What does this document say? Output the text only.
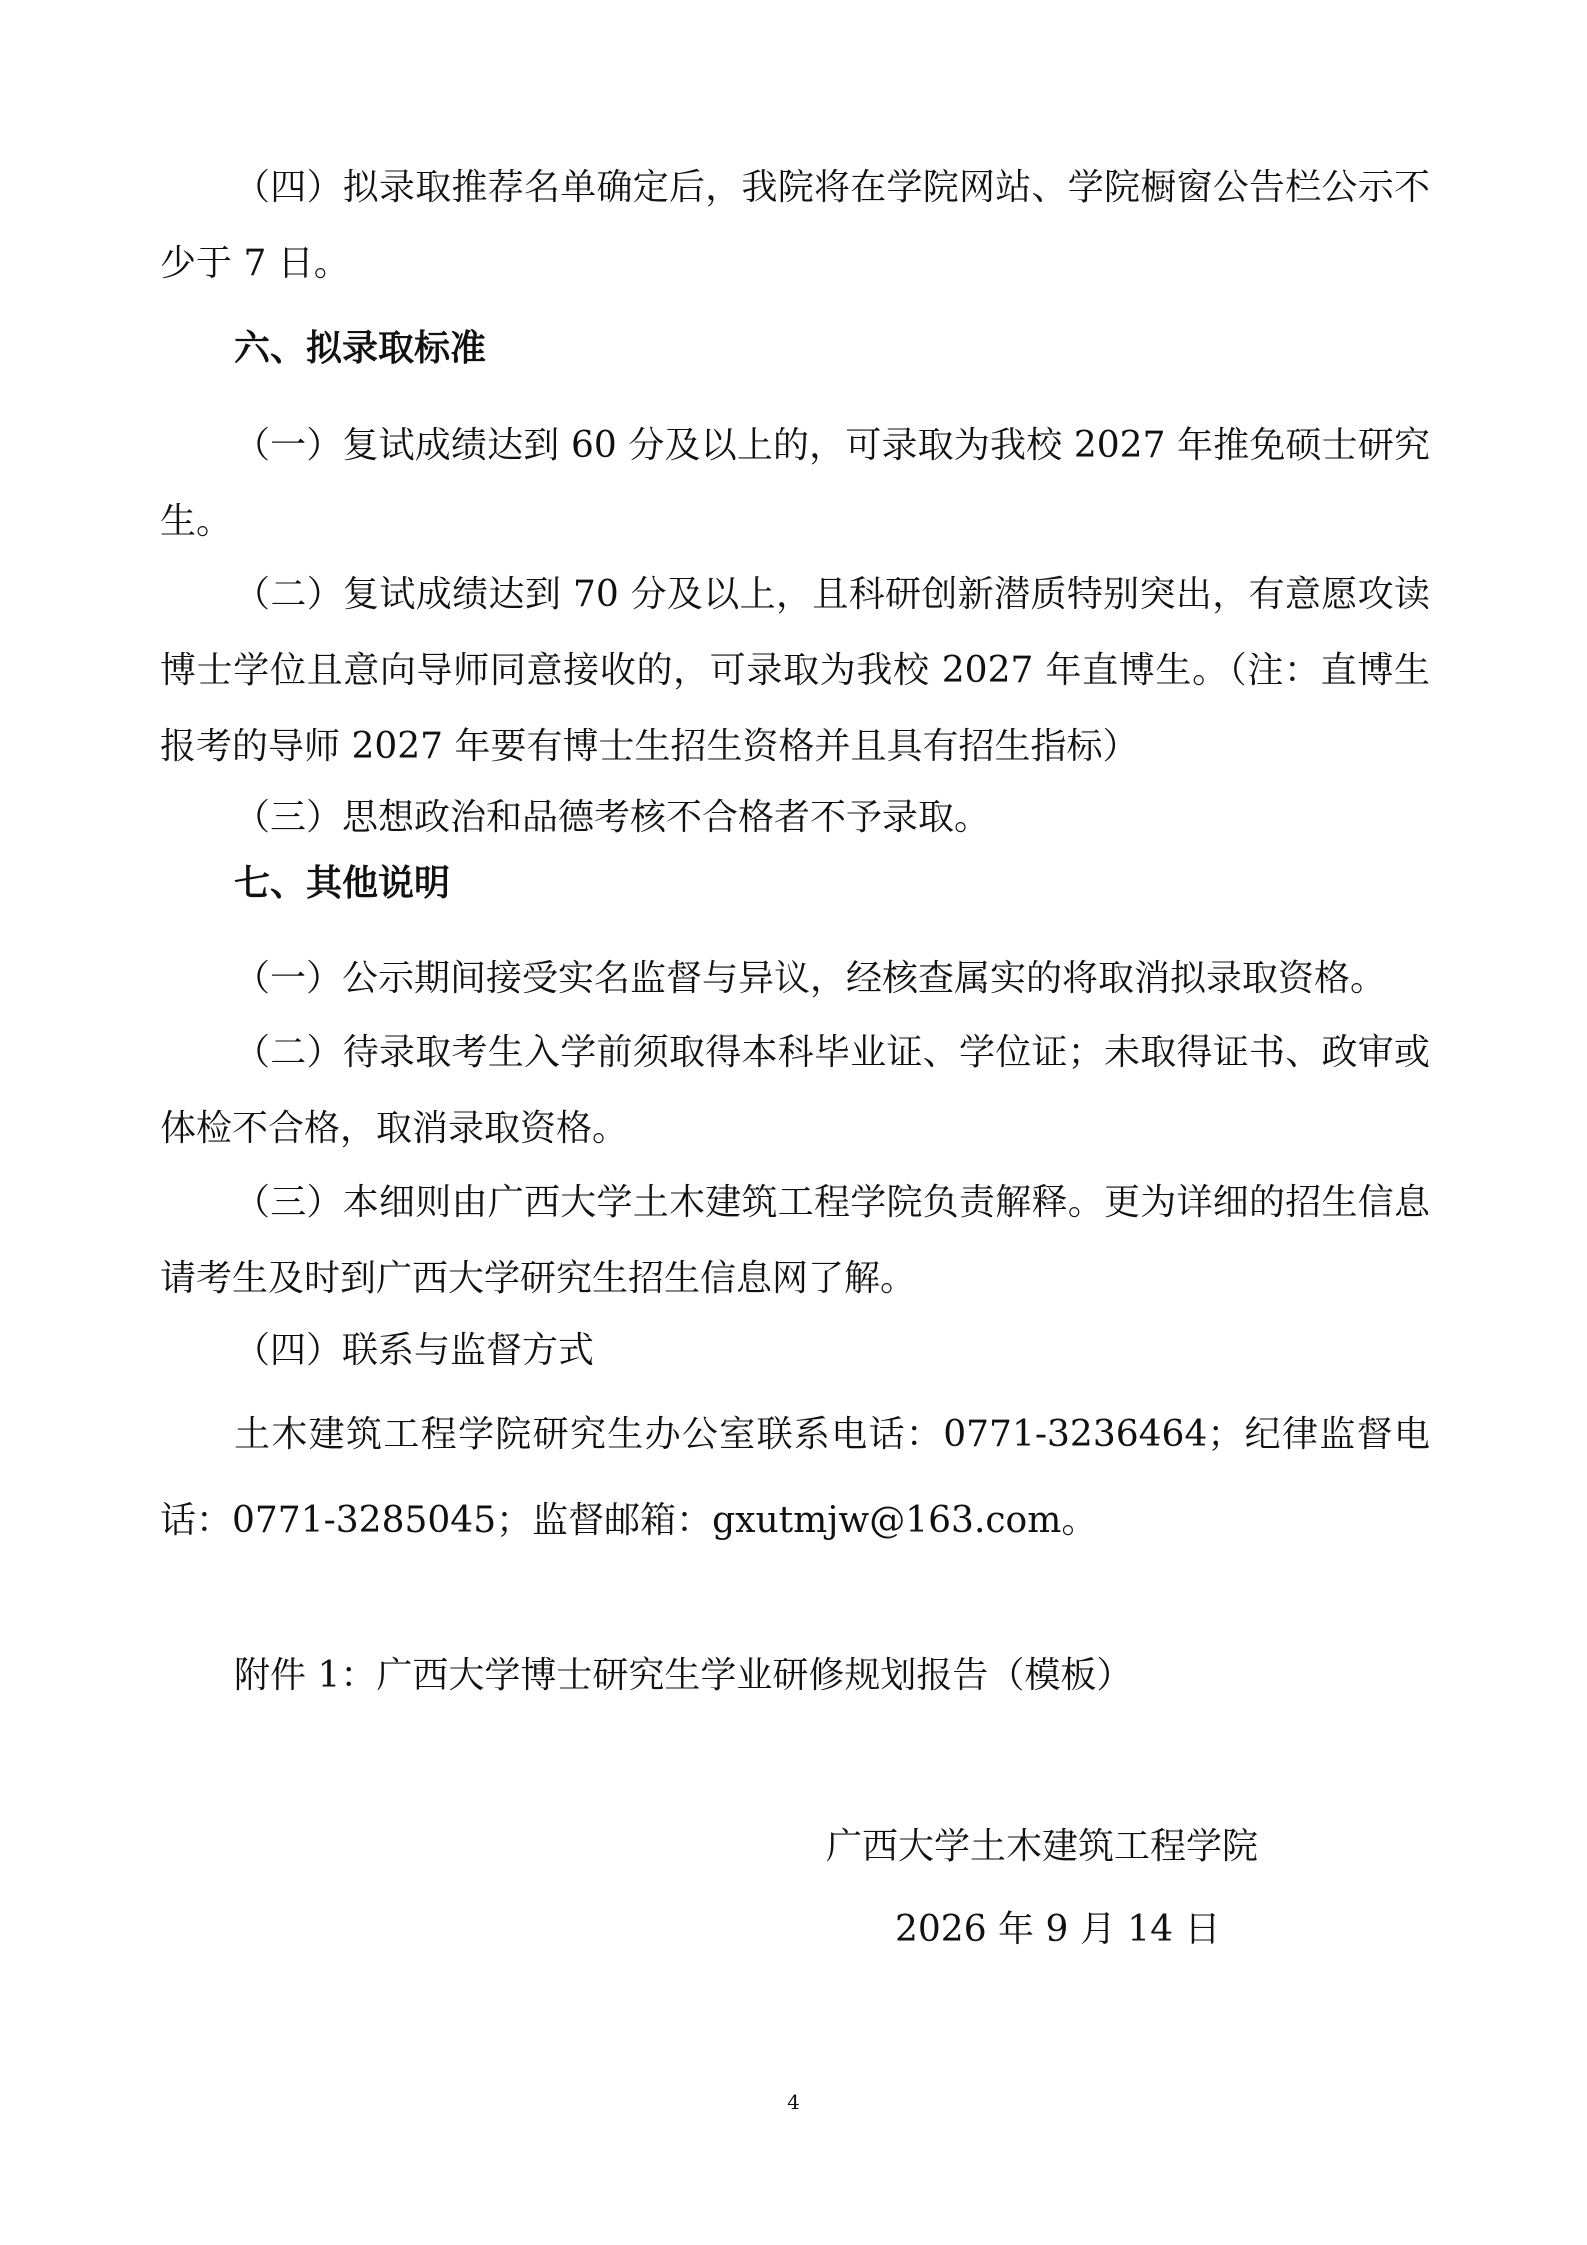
（四）拟录取推荐名单确定后，我院将在学院网站、学院橱窗公告栏公示不少于 7 日。

六、拟录取标准

（一）复试成绩达到 60 分及以上的，可录取为我校 2027 年推免硕士研究生。

（二）复试成绩达到 70 分及以上，且科研创新潜质特别突出，有意愿攻读博士学位且意向导师同意接收的，可录取为我校 2027 年直博生。（注：直博生报考的导师 2027 年要有博士生招生资格并且具有招生指标）

（三）思想政治和品德考核不合格者不予录取。

七、其他说明

（一）公示期间接受实名监督与异议，经核查属实的将取消拟录取资格。

（二）待录取考生入学前须取得本科毕业证、学位证；未取得证书、政审或体检不合格，取消录取资格。

（三）本细则由广西大学土木建筑工程学院负责解释。更为详细的招生信息请考生及时到广西大学研究生招生信息网了解。

（四）联系与监督方式

土木建筑工程学院研究生办公室联系电话：0771-3236464；纪律监督电话：0771-3285045；监督邮箱：gxutmjw@163.com。

附件 1：广西大学博士研究生学业研修规划报告（模板）

广西大学土木建筑工程学院

2026 年 9 月 14 日

4
